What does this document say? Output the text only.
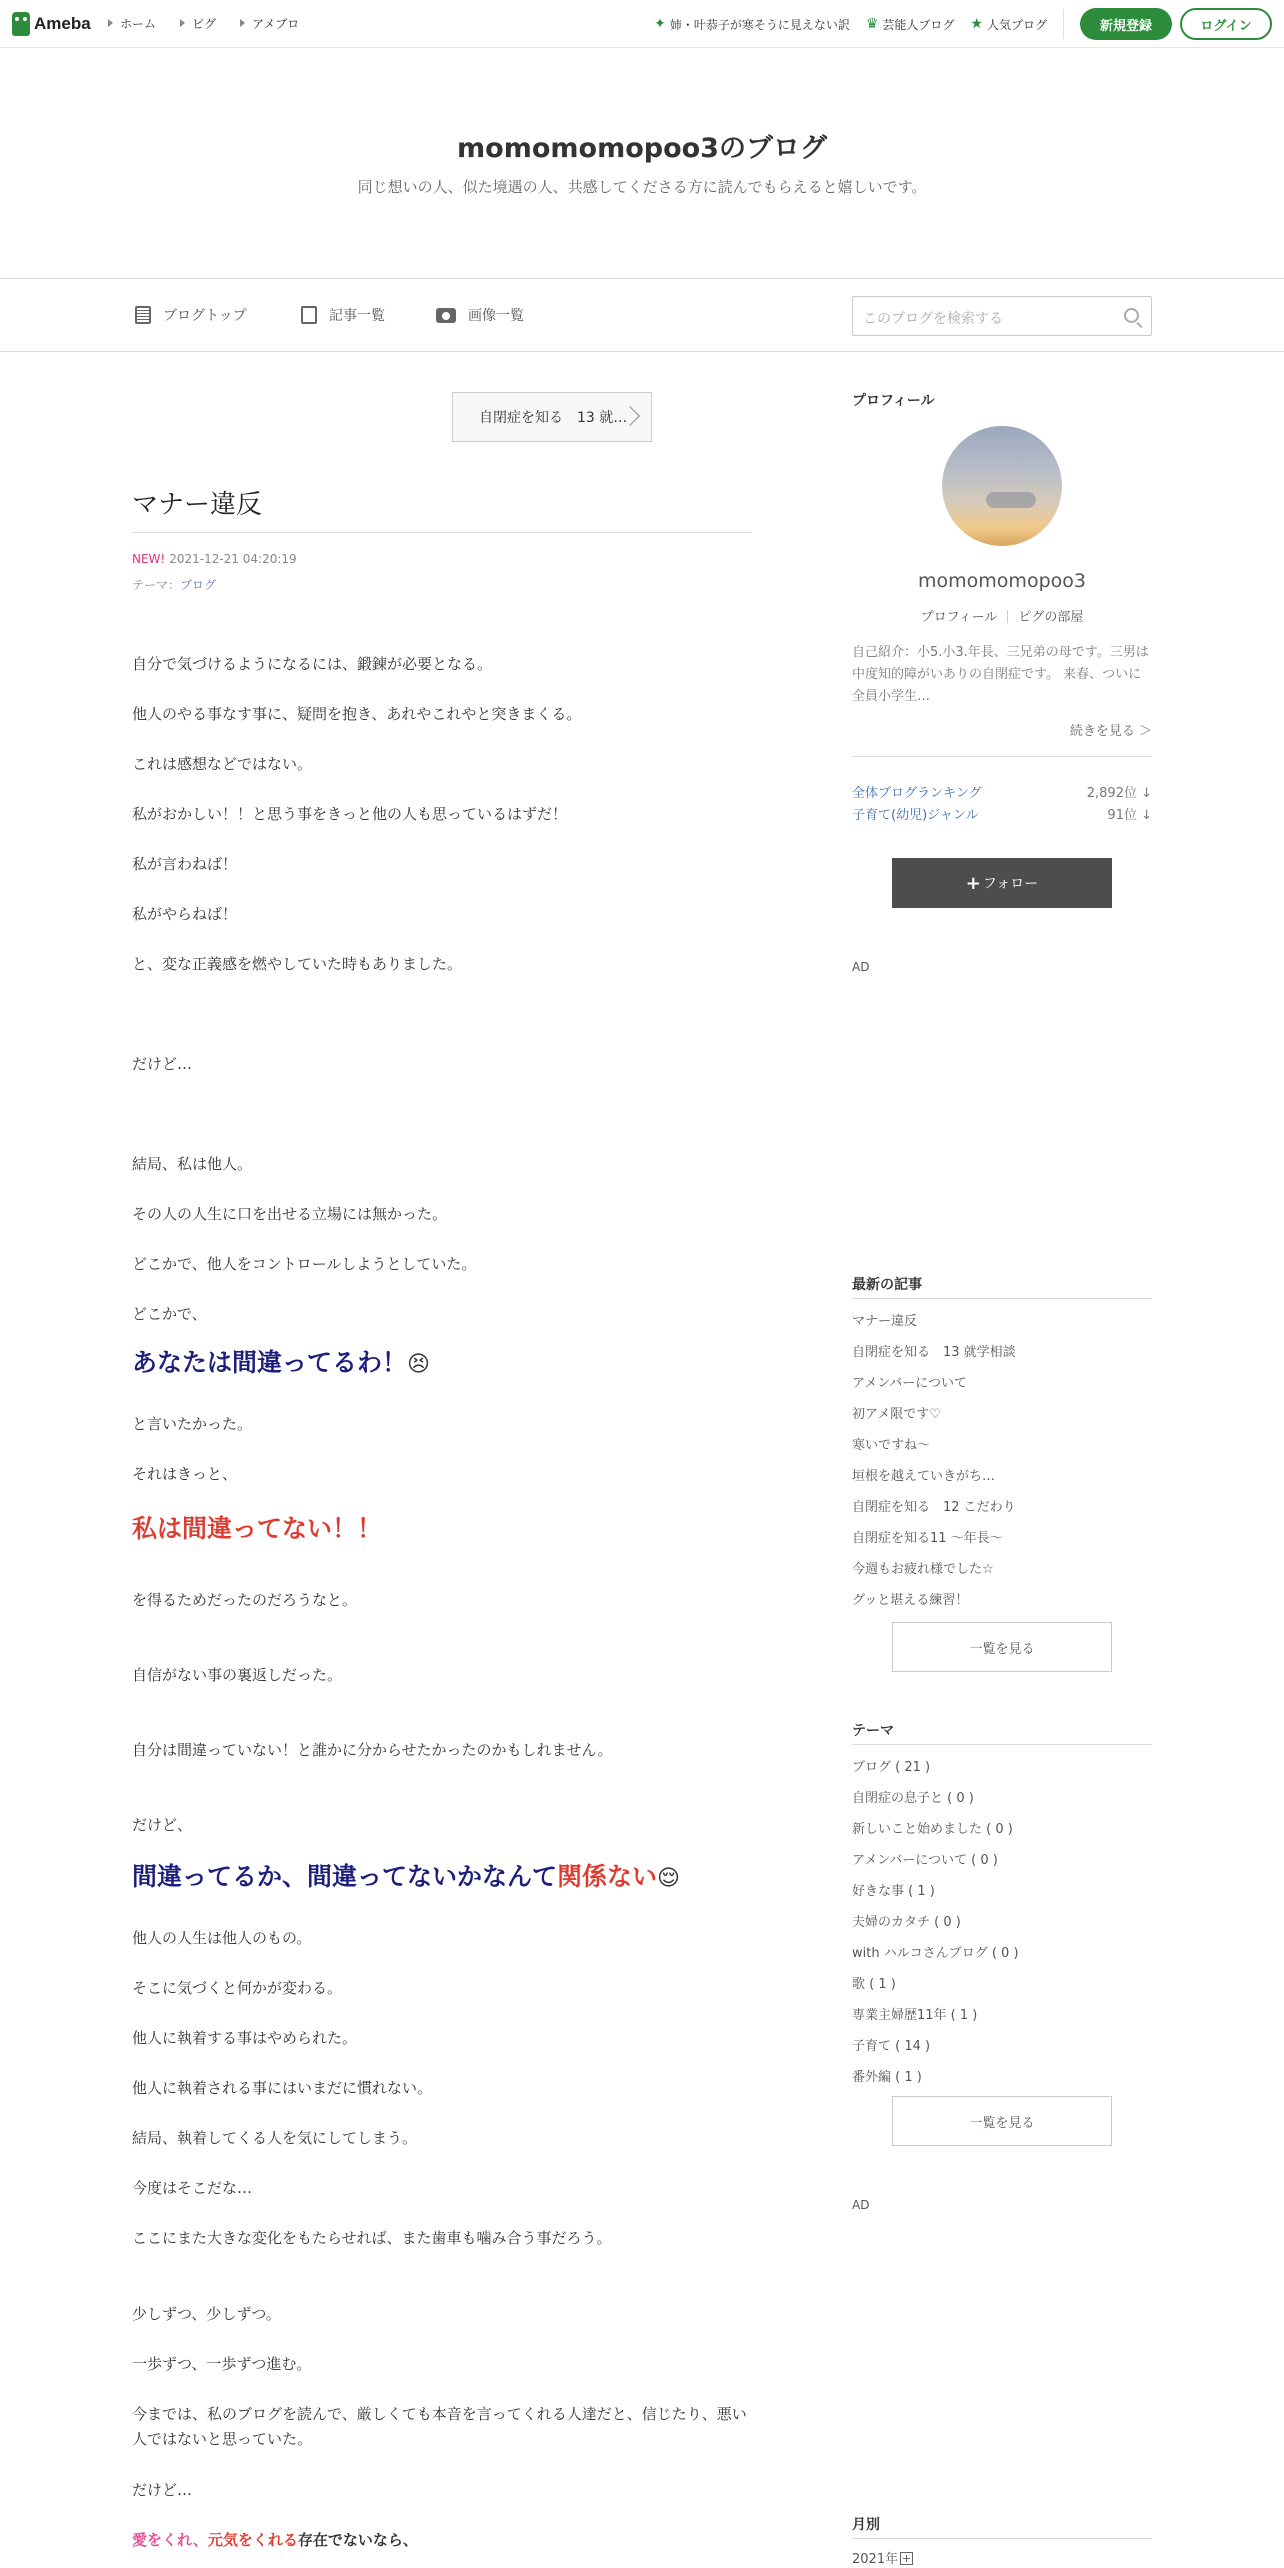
Ameba	ホーム	ピグ	アメブロ	✦ 姉・叶恭子が寒そうに見えない訳 ♛ 芸能人ブログ ★ 人気ブログ	新規登録	ログイン
momomomopoo3のブログ
同じ想いの人、似た境遇の人、共感してくださる方に読んでもらえると嬉しいです。
ブログトップ	記事一覧	画像一覧	このブログを検索する
自閉症を知る　13 就…
マナー違反
NEW! 2021-12-21 04:20:19
テーマ：ブログ

自分で気づけるようになるには、鍛錬が必要となる。

他人のやる事なす事に、疑問を抱き、あれやこれやと突きまくる。

これは感想などではない。

私がおかしい！！と思う事をきっと他の人も思っているはずだ！

私が言わねば！

私がやらねば！

と、変な正義感を燃やしていた時もありました。

だけど…

結局、私は他人。

その人の人生に口を出せる立場には無かった。

どこかで、他人をコントロールしようとしていた。

どこかで、

あなたは間違ってるわ！😣

と言いたかった。

それはきっと、

私は間違ってない！！

を得るためだったのだろうなと。

自信がない事の裏返しだった。

自分は間違っていない！と誰かに分からせたかったのかもしれません。

だけど、

間違ってるか、間違ってないかなんて関係ない😌

他人の人生は他人のもの。

そこに気づくと何かが変わる。

他人に執着する事はやめられた。

他人に執着される事にはいまだに慣れない。

結局、執着してくる人を気にしてしまう。

今度はそこだな…

ここにまた大きな変化をもたらせれば、また歯車も噛み合う事だろう。

少しずつ、少しずつ。

一歩ずつ、一歩ずつ進む。

今までは、私のブログを読んで、厳しくても本音を言ってくれる人達だと、信じたり、悪い人ではないと思っていた。

だけど…

愛をくれ、元気をくれる存在でないなら、

プロフィール
momomomopoo3
プロフィール ピグの部屋
自己紹介：小5.小3.年長、三兄弟の母です。三男は中度知的障がいありの自閉症です。 来春、ついに全員小学生…
続きを見る ＞
全体ブログランキング	2,892位 ↓
子育て(幼児)ジャンル	91位 ↓
+ フォロー
AD
最新の記事
マナー違反
自閉症を知る　13 就学相談
アメンバーについて
初アメ限です♡
寒いですね〜
垣根を越えていきがち…
自閉症を知る　12 こだわり
自閉症を知る11 〜年長〜
今週もお疲れ様でした☆
グッと堪える練習！
一覧を見る
テーマ
ブログ ( 21 )
自閉症の息子と ( 0 )
新しいこと始めました ( 0 )
アメンバーについて ( 0 )
好きな事 ( 1 )
夫婦のカタチ ( 0 )
with ハルコさんブログ ( 0 )
歌 ( 1 )
専業主婦歴11年 ( 1 )
子育て ( 14 )
番外編 ( 1 )
一覧を見る
AD
月別
2021年
